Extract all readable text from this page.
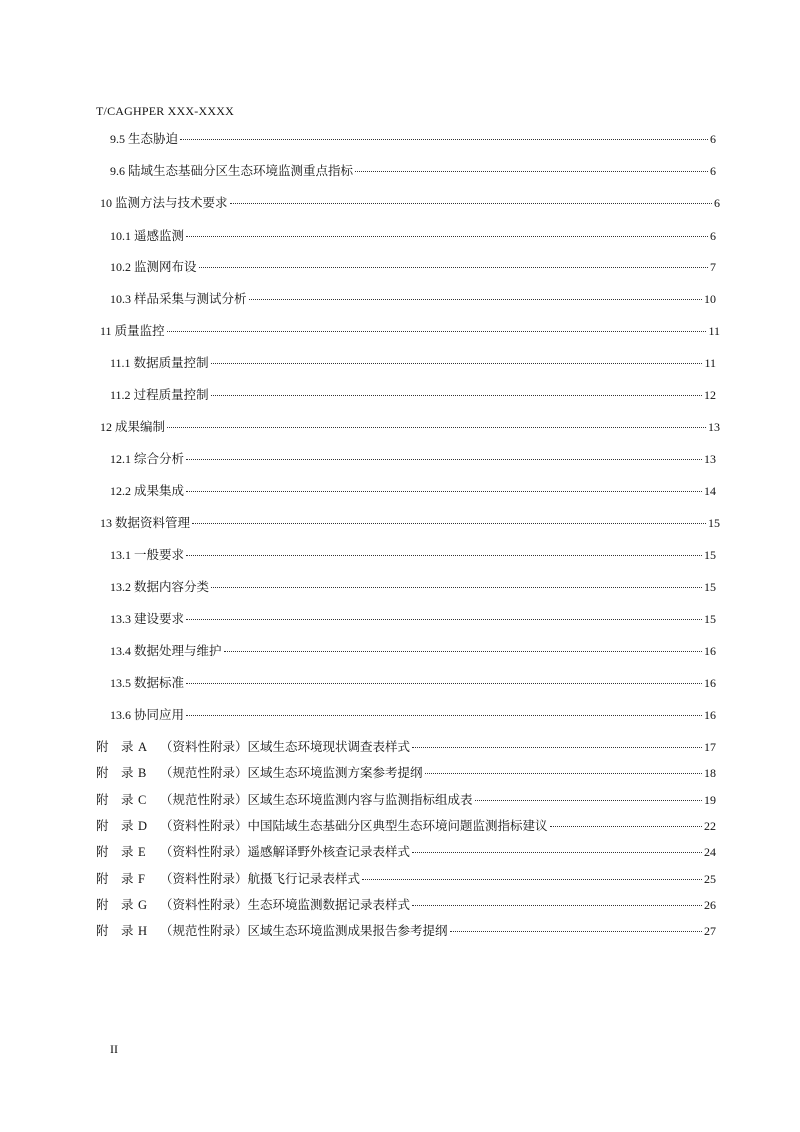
T/CAGHPER XXX-XXXX
9.5 生态胁迫	6
9.6 陆域生态基础分区生态环境监测重点指标	6
10 监测方法与技术要求	6
10.1 遥感监测	6
10.2 监测网布设	7
10.3 样品采集与测试分析	10
11 质量监控	11
11.1 数据质量控制	11
11.2 过程质量控制	12
12 成果编制	13
12.1 综合分析	13
12.2 成果集成	14
13 数据资料管理	15
13.1 一般要求	15
13.2 数据内容分类	15
13.3 建设要求	15
13.4 数据处理与维护	16
13.5 数据标准	16
13.6 协同应用	16
附　录 A	（资料性附录）区域生态环境现状调查表样式	17
附　录 B	（规范性附录）区域生态环境监测方案参考提纲	18
附　录 C	（规范性附录）区域生态环境监测内容与监测指标组成表	19
附　录 D	（资料性附录）中国陆域生态基础分区典型生态环境问题监测指标建议	22
附　录 E	（资料性附录）遥感解译野外核查记录表样式	24
附　录 F	（资料性附录）航摄飞行记录表样式	25
附　录 G	（资料性附录）生态环境监测数据记录表样式	26
附　录 H	（规范性附录）区域生态环境监测成果报告参考提纲	27
II
